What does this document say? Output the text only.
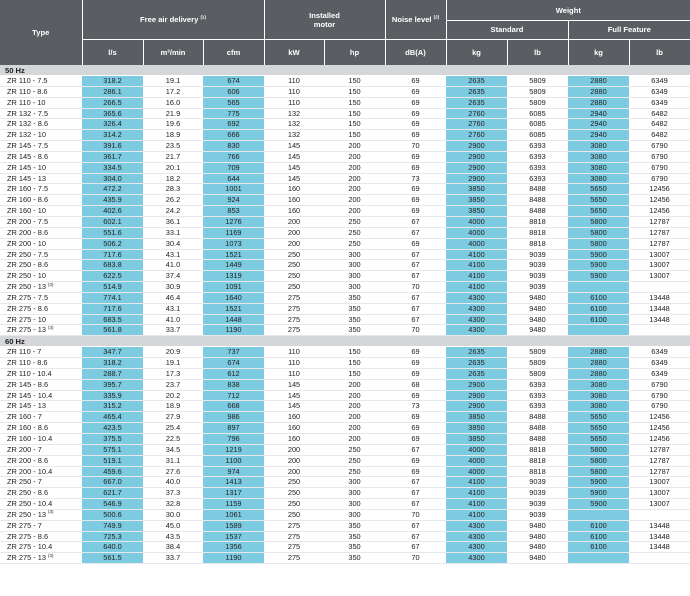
Type	Free air delivery $^{(1)}$			Installed
motor		Noise level $^{(2)}$	Weight			
							Standard		Full Feature	
	l/s	m³/min	cfm	kW	hp	dB(A)	kg	lb	kg	lb
50 Hz										
ZR 110 - 7.5	318.2	19.1	674	110	150	69	2635	5809	2880	6349
ZR 110 - 8.6	286.1	17.2	606	110	150	69	2635	5809	2880	6349
ZR 110 - 10	266.5	16.0	565	110	150	69	2635	5809	2880	6349
ZR 132 - 7.5	365.6	21.9	775	132	150	69	2760	6085	2940	6482
ZR 132 - 8.6	326.4	19.6	692	132	150	69	2760	6085	2940	6482
ZR 132 - 10	314.2	18.9	666	132	150	69	2760	6085	2940	6482
ZR 145 - 7.5	391.6	23.5	830	145	200	70	2900	6393	3080	6790
ZR 145 - 8.6	361.7	21.7	766	145	200	69	2900	6393	3080	6790
ZR 145 - 10	334.5	20.1	709	145	200	69	2900	6393	3080	6790
ZR 145 - 13	304.0	18.2	644	145	200	73	2900	6393	3080	6790
ZR 160 - 7.5	472.2	28.3	1001	160	200	69	3850	8488	5650	12456
ZR 160 - 8.6	435.9	26.2	924	160	200	69	3850	8488	5650	12456
ZR 160 - 10	402.6	24.2	853	160	200	69	3850	8488	5650	12456
ZR 200 - 7.5	602.1	36.1	1276	200	250	67	4000	8818	5800	12787
ZR 200 - 8.6	551.6	33.1	1169	200	250	67	4000	8818	5800	12787
ZR 200 - 10	506.2	30.4	1073	200	250	69	4000	8818	5800	12787
ZR 250 - 7.5	717.6	43.1	1521	250	300	67	4100	9039	5900	13007
ZR 250 - 8.6	683.8	41.0	1449	250	300	67	4100	9039	5900	13007
ZR 250 - 10	622.5	37.4	1319	250	300	67	4100	9039	5900	13007
ZR 250 - 13 $^{(3)}$	514.9	30.9	1091	250	300	70	4100	9039		
ZR 275 - 7.5	774.1	46.4	1640	275	350	67	4300	9480	6100	13448
ZR 275 - 8.6	717.6	43.1	1521	275	350	67	4300	9480	6100	13448
ZR 275 - 10	683.5	41.0	1448	275	350	67	4300	9480	6100	13448
ZR 275 - 13 $^{(3)}$	561.8	33.7	1190	275	350	70	4300	9480		
60 Hz										
ZR 110 - 7	347.7	20.9	737	110	150	69	2635	5809	2880	6349
ZR 110 - 8.6	318.2	19.1	674	110	150	69	2635	5809	2880	6349
ZR 110 - 10.4	288.7	17.3	612	110	150	69	2635	5809	2880	6349
ZR 145 - 8.6	395.7	23.7	838	145	200	68	2900	6393	3080	6790
ZR 145 - 10.4	335.9	20.2	712	145	200	69	2900	6393	3080	6790
ZR 145 - 13	315.2	18.9	668	145	200	73	2900	6393	3080	6790
ZR 160 - 7	465.4	27.9	986	160	200	69	3850	8488	5650	12456
ZR 160 - 8.6	423.5	25.4	897	160	200	69	3850	8488	5650	12456
ZR 160 - 10.4	375.5	22.5	796	160	200	69	3850	8488	5650	12456
ZR 200 - 7	575.1	34.5	1219	200	250	67	4000	8818	5800	12787
ZR 200 - 8.6	519.1	31.1	1100	200	250	69	4000	8818	5800	12787
ZR 200 - 10.4	459.6	27.6	974	200	250	69	4000	8818	5800	12787
ZR 250 - 7	667.0	40.0	1413	250	300	67	4100	9039	5900	13007
ZR 250 - 8.6	621.7	37.3	1317	250	300	67	4100	9039	5900	13007
ZR 250 - 10.4	546.9	32.8	1159	250	300	67	4100	9039	5900	13007
ZR 250 - 13 $^{(3)}$	500.6	30.0	1061	250	300	70	4100	9039		
ZR 275 - 7	749.9	45.0	1589	275	350	67	4300	9480	6100	13448
ZR 275 - 8.6	725.3	43.5	1537	275	350	67	4300	9480	6100	13448
ZR 275 - 10.4	640.0	38.4	1356	275	350	67	4300	9480	6100	13448
ZR 275 - 13 $^{(3)}$	561.5	33.7	1190	275	350	70	4300	9480		
